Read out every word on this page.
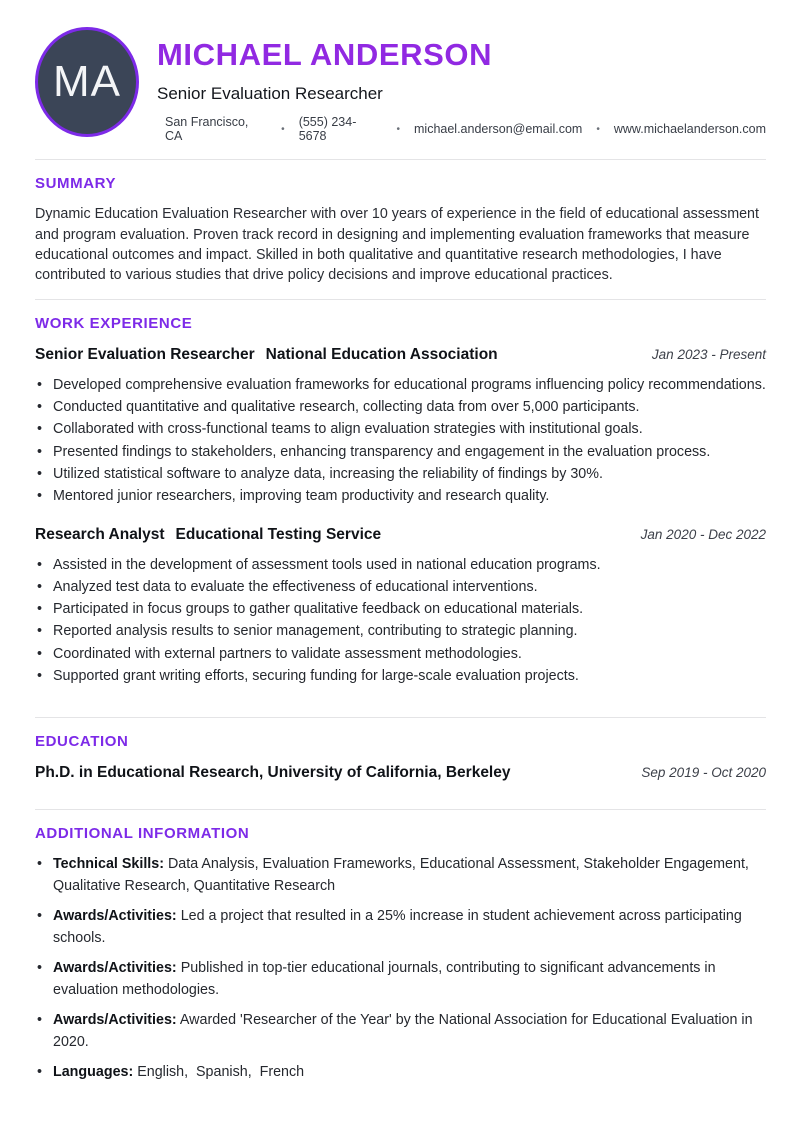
MA
MICHAEL ANDERSON
Senior Evaluation Researcher
San Francisco, CA	• (555) 234-5678	• michael.anderson@email.com • www.michaelanderson.com
SUMMARY

Dynamic Education Evaluation Researcher with over 10 years of experience in the field of educational assessment and program evaluation. Proven track record in designing and implementing evaluation frameworks that measure educational outcomes and impact. Skilled in both qualitative and quantitative research methodologies, I have contributed to various studies that drive policy decisions and improve educational practices.

WORK EXPERIENCE
Senior Evaluation Researcher National Education Association	Jan 2023 - Present
• Developed comprehensive evaluation frameworks for educational programs influencing policy recommendations.
• Conducted quantitative and qualitative research, collecting data from over 5,000 participants.
• Collaborated with cross-functional teams to align evaluation strategies with institutional goals.
• Presented findings to stakeholders, enhancing transparency and engagement in the evaluation process.
• Utilized statistical software to analyze data, increasing the reliability of findings by 30%.
• Mentored junior researchers, improving team productivity and research quality.
Research Analyst Educational Testing Service	Jan 2020 - Dec 2022
• Assisted in the development of assessment tools used in national education programs.
• Analyzed test data to evaluate the effectiveness of educational interventions.
• Participated in focus groups to gather qualitative feedback on educational materials.
• Reported analysis results to senior management, contributing to strategic planning.
• Coordinated with external partners to validate assessment methodologies.
• Supported grant writing efforts, securing funding for large-scale evaluation projects.
EDUCATION
Ph.D. in Educational Research, University of California, Berkeley	Sep 2019 - Oct 2020
ADDITIONAL INFORMATION
• Technical Skills: Data Analysis, Evaluation Frameworks, Educational Assessment, Stakeholder Engagement, Qualitative Research, Quantitative Research
• Awards/Activities: Led a project that resulted in a 25% increase in student achievement across participating schools.
• Awards/Activities: Published in top-tier educational journals, contributing to significant advancements in evaluation methodologies.
• Awards/Activities: Awarded 'Researcher of the Year' by the National Association for Educational Evaluation in 2020.
• Languages: English,  Spanish,  French
